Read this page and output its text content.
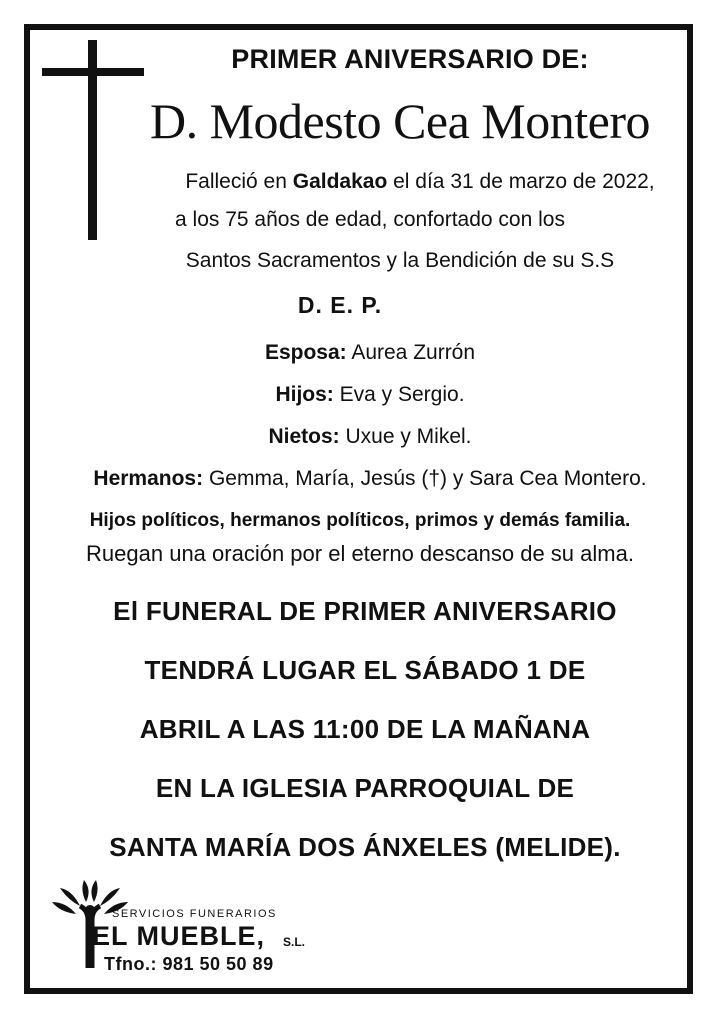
PRIMER ANIVERSARIO DE:
D. Modesto Cea Montero
Falleció en Galdakao el día 31 de marzo de 2022,
a los 75 años de edad, confortado con los
Santos Sacramentos y la Bendición de su S.S
D. E. P.
Esposa: Aurea Zurrón
Hijos: Eva y Sergio.
Nietos: Uxue y Mikel.
Hermanos: Gemma, María, Jesús (†) y Sara Cea Montero.
Hijos políticos, hermanos políticos, primos y demás familia.
Ruegan una oración por el eterno descanso de su alma.
El FUNERAL DE PRIMER ANIVERSARIO
TENDRÁ LUGAR EL SÁBADO 1 DE
ABRIL A LAS 11:00 DE LA MAÑANA
EN LA IGLESIA PARROQUIAL DE
SANTA MARÍA DOS ÁNXELES (MELIDE).
SERVICIOS FUNERARIOS
EL MUEBLE, S.L.
Tfno.: 981 50 50 89
